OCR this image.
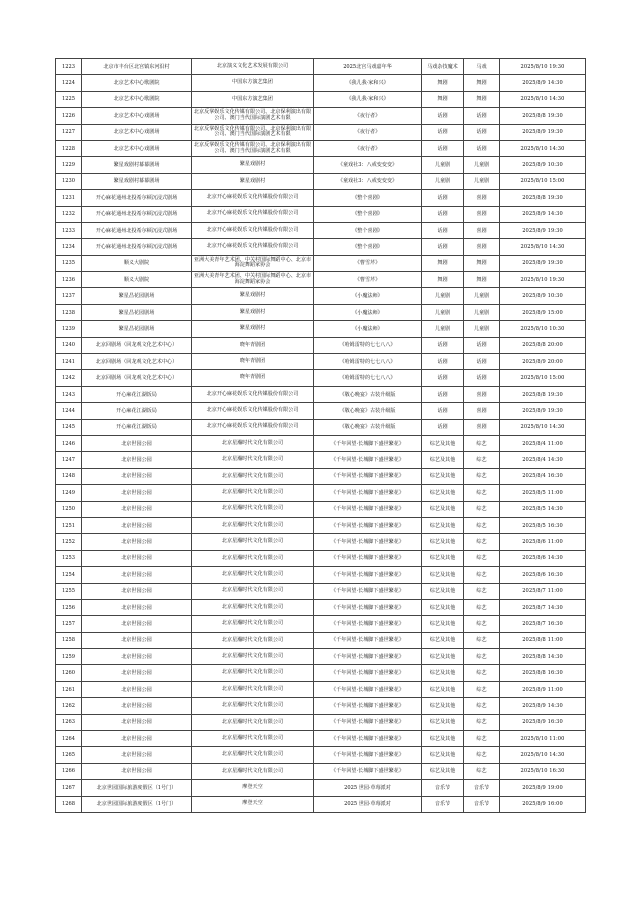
1223	北京市丰台区北宫镇东河沿村	北京演义文化艺术发展有限公司	2025北宫马戏嘉年华	马戏杂技魔术	马戏	2025/8/10 19:30
1224	北京艺术中心歌剧院	中国东方演艺集团	《我儿我·家和兴》	舞剧	舞剧	2025/8/9 14:30
1225	北京艺术中心歌剧院	中国东方演艺集团	《我儿我·家和兴》	舞剧	舞剧	2025/8/10 14:30
1226	北京艺术中心戏剧场	北京反掌娱乐文化传媒有限公司、北京保利演出有限公司、澳门当代国际演剧艺术有限	《夜行者》	话剧	话剧	2025/8/8 19:30
1227	北京艺术中心戏剧场	北京反掌娱乐文化传媒有限公司、北京保利演出有限公司、澳门当代国际演剧艺术有限	《夜行者》	话剧	话剧	2025/8/9 19:30
1228	北京艺术中心戏剧场	北京反掌娱乐文化传媒有限公司、北京保利演出有限公司、澳门当代国际演剧艺术有限	《夜行者》	话剧	话剧	2025/8/10 14:30
1229	繁星戏剧村幕幕剧场	繁星戏剧村	《童戏社3：八戒变变变》	儿童剧	儿童剧	2025/8/9 10:30
1230	繁星戏剧村幕幕剧场	繁星戏剧村	《童戏社3：八戒变变变》	儿童剧	儿童剧	2025/8/10 15:00
1231	开心麻花通州北投希尔顿沉浸式剧场	北京开心麻花娱乐文化传媒股份有限公司	《整个喜剧》	话剧	喜剧	2025/8/8 19:30
1232	开心麻花通州北投希尔顿沉浸式剧场	北京开心麻花娱乐文化传媒股份有限公司	《整个喜剧》	话剧	喜剧	2025/8/9 14:30
1233	开心麻花通州北投希尔顿沉浸式剧场	北京开心麻花娱乐文化传媒股份有限公司	《整个喜剧》	话剧	喜剧	2025/8/9 19:30
1234	开心麻花通州北投希尔顿沉浸式剧场	北京开心麻花娱乐文化传媒股份有限公司	《整个喜剧》	话剧	喜剧	2025/8/10 14:30
1235	顺义大剧院	亚洲大美青年艺术团、中关村国际舞蹈中心、北京市海淀舞蹈家协会	《曹雪芹》	舞剧	舞剧	2025/8/9 19:30
1236	顺义大剧院	亚洲大美青年艺术团、中关村国际舞蹈中心、北京市海淀舞蹈家协会	《曹雪芹》	舞剧	舞剧	2025/8/10 19:30
1237	繁星昌花园剧场	繁星戏剧村	《小魔法师》	儿童剧	儿童剧	2025/8/9 10:30
1238	繁星昌花园剧场	繁星戏剧村	《小魔法师》	儿童剧	儿童剧	2025/8/9 15:00
1239	繁星昌花园剧场	繁星戏剧村	《小魔法师》	儿童剧	儿童剧	2025/8/10 10:30
1240	北京回剧场（回龙观文化艺术中心）	晓年青剧团	《哈姆雷特的七七八八》	话剧	话剧	2025/8/8 20:00
1241	北京回剧场（回龙观文化艺术中心）	晓年青剧团	《哈姆雷特的七七八八》	话剧	话剧	2025/8/9 20:00
1242	北京回剧场（回龙观文化艺术中心）	晓年青剧团	《哈姆雷特的七七八八》	话剧	话剧	2025/8/10 15:00
1243	开心麻花江湖饭局	北京开心麻花娱乐文化传媒股份有限公司	《敬心晚宴》古装升级版	话剧	喜剧	2025/8/8 19:30
1244	开心麻花江湖饭局	北京开心麻花娱乐文化传媒股份有限公司	《敬心晚宴》古装升级版	话剧	喜剧	2025/8/9 19:30
1245	开心麻花江湖饭局	北京开心麻花娱乐文化传媒股份有限公司	《敬心晚宴》古装升级版	话剧	喜剧	2025/8/10 14:30
1246	北京世园公园	北京星瀚时代文化有限公司	《千年回望·长城脚下盛世繁花》	综艺及其他	综艺	2025/8/4 11:00
1247	北京世园公园	北京星瀚时代文化有限公司	《千年回望·长城脚下盛世繁花》	综艺及其他	综艺	2025/8/4 14:30
1248	北京世园公园	北京星瀚时代文化有限公司	《千年回望·长城脚下盛世繁花》	综艺及其他	综艺	2025/8/4 16:30
1249	北京世园公园	北京星瀚时代文化有限公司	《千年回望·长城脚下盛世繁花》	综艺及其他	综艺	2025/8/5 11:00
1250	北京世园公园	北京星瀚时代文化有限公司	《千年回望·长城脚下盛世繁花》	综艺及其他	综艺	2025/8/5 14:30
1251	北京世园公园	北京星瀚时代文化有限公司	《千年回望·长城脚下盛世繁花》	综艺及其他	综艺	2025/8/5 16:30
1252	北京世园公园	北京星瀚时代文化有限公司	《千年回望·长城脚下盛世繁花》	综艺及其他	综艺	2025/8/6 11:00
1253	北京世园公园	北京星瀚时代文化有限公司	《千年回望·长城脚下盛世繁花》	综艺及其他	综艺	2025/8/6 14:30
1254	北京世园公园	北京星瀚时代文化有限公司	《千年回望·长城脚下盛世繁花》	综艺及其他	综艺	2025/8/6 16:30
1255	北京世园公园	北京星瀚时代文化有限公司	《千年回望·长城脚下盛世繁花》	综艺及其他	综艺	2025/8/7 11:00
1256	北京世园公园	北京星瀚时代文化有限公司	《千年回望·长城脚下盛世繁花》	综艺及其他	综艺	2025/8/7 14:30
1257	北京世园公园	北京星瀚时代文化有限公司	《千年回望·长城脚下盛世繁花》	综艺及其他	综艺	2025/8/7 16:30
1258	北京世园公园	北京星瀚时代文化有限公司	《千年回望·长城脚下盛世繁花》	综艺及其他	综艺	2025/8/8 11:00
1259	北京世园公园	北京星瀚时代文化有限公司	《千年回望·长城脚下盛世繁花》	综艺及其他	综艺	2025/8/8 14:30
1260	北京世园公园	北京星瀚时代文化有限公司	《千年回望·长城脚下盛世繁花》	综艺及其他	综艺	2025/8/8 16:30
1261	北京世园公园	北京星瀚时代文化有限公司	《千年回望·长城脚下盛世繁花》	综艺及其他	综艺	2025/8/9 11:00
1262	北京世园公园	北京星瀚时代文化有限公司	《千年回望·长城脚下盛世繁花》	综艺及其他	综艺	2025/8/9 14:30
1263	北京世园公园	北京星瀚时代文化有限公司	《千年回望·长城脚下盛世繁花》	综艺及其他	综艺	2025/8/9 16:30
1264	北京世园公园	北京星瀚时代文化有限公司	《千年回望·长城脚下盛世繁花》	综艺及其他	综艺	2025/8/10 11:00
1265	北京世园公园	北京星瀚时代文化有限公司	《千年回望·长城脚下盛世繁花》	综艺及其他	综艺	2025/8/10 14:30
1266	北京世园公园	北京星瀚时代文化有限公司	《千年回望·长城脚下盛世繁花》	综艺及其他	综艺	2025/8/10 16:30
1267	北京世园国际旅游度假区（1号门）	摩登天空	2025 世园·草莓派对	音乐节	音乐节	2025/8/9 19:00
1268	北京世园国际旅游度假区（1号门）	摩登天空	2025 世园·草莓派对	音乐节	音乐节	2025/8/9 16:00
